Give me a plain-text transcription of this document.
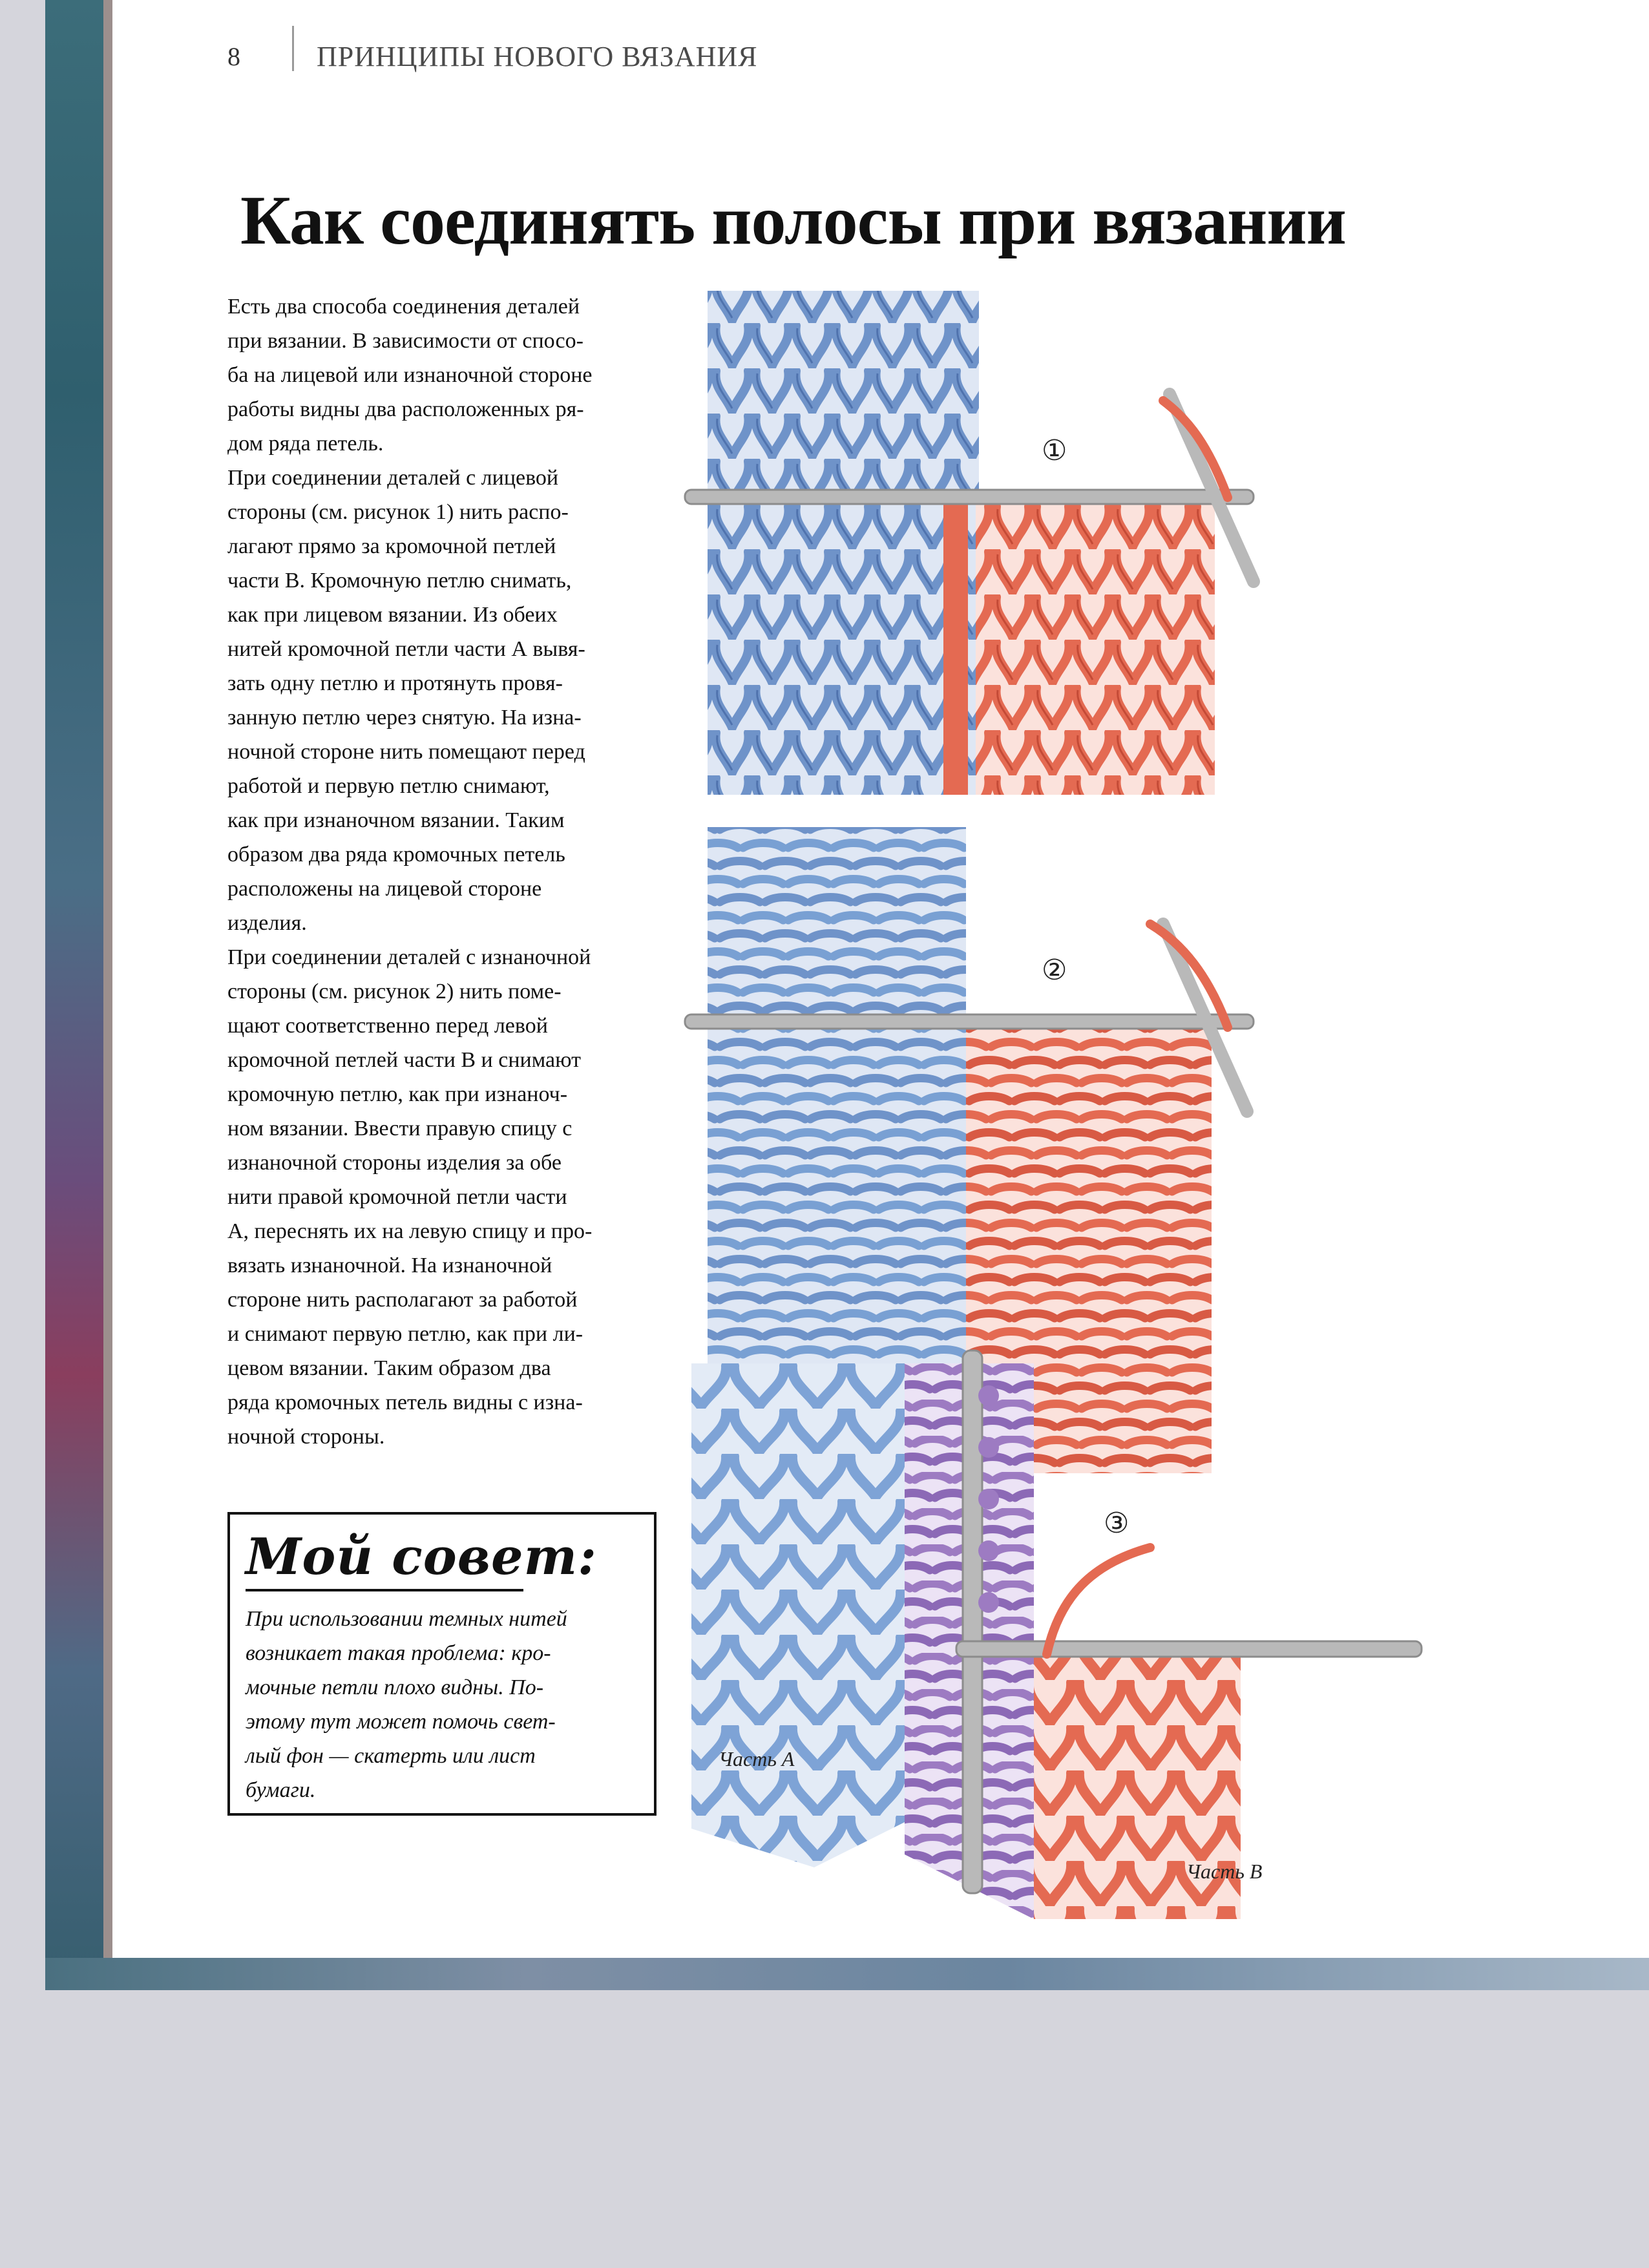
8	ПРИНЦИПЫ НОВОГО ВЯЗАНИЯ
Как соединять полосы при вязании

Есть два способа соединения деталей

при вязании. В зависимости от спосо-

ба на лицевой или изнаночной стороне

работы видны два расположенных ря-

дом ряда петель.

При соединении деталей с лицевой

стороны (см. рисунок 1) нить распо-

лагают прямо за кромочной петлей

части В. Кромочную петлю снимать,

как при лицевом вязании. Из обеих

нитей кромочной петли части А вывя-

зать одну петлю и протянуть провя-

занную петлю через снятую. На изна-

ночной стороне нить помещают перед

работой и первую петлю снимают,

как при изнаночном вязании. Таким

образом два ряда кромочных петель

расположены на лицевой стороне

изделия.

При соединении деталей с изнаночной

стороны (см. рисунок 2) нить поме-

щают соответственно перед левой

кромочной петлей части В и снимают

кромочную петлю, как при изнаноч-

ном вязании. Ввести правую спицу с

изнаночной стороны изделия за обе

нити правой кромочной петли части

А, переснять их на левую спицу и про-

вязать изнаночной. На изнаночной

стороне нить располагают за работой

и снимают первую петлю, как при ли-

цевом вязании. Таким образом два

ряда кромочных петель видны с изна-

ночной стороны.

Мой совет:
При использовании темных нитей
возникает такая проблема: кро-
мочные петли плохо видны. По-
этому тут может помочь свет-
лый фон — скатерть или лист
бумаги.
①
②
③
Часть А
Часть В
